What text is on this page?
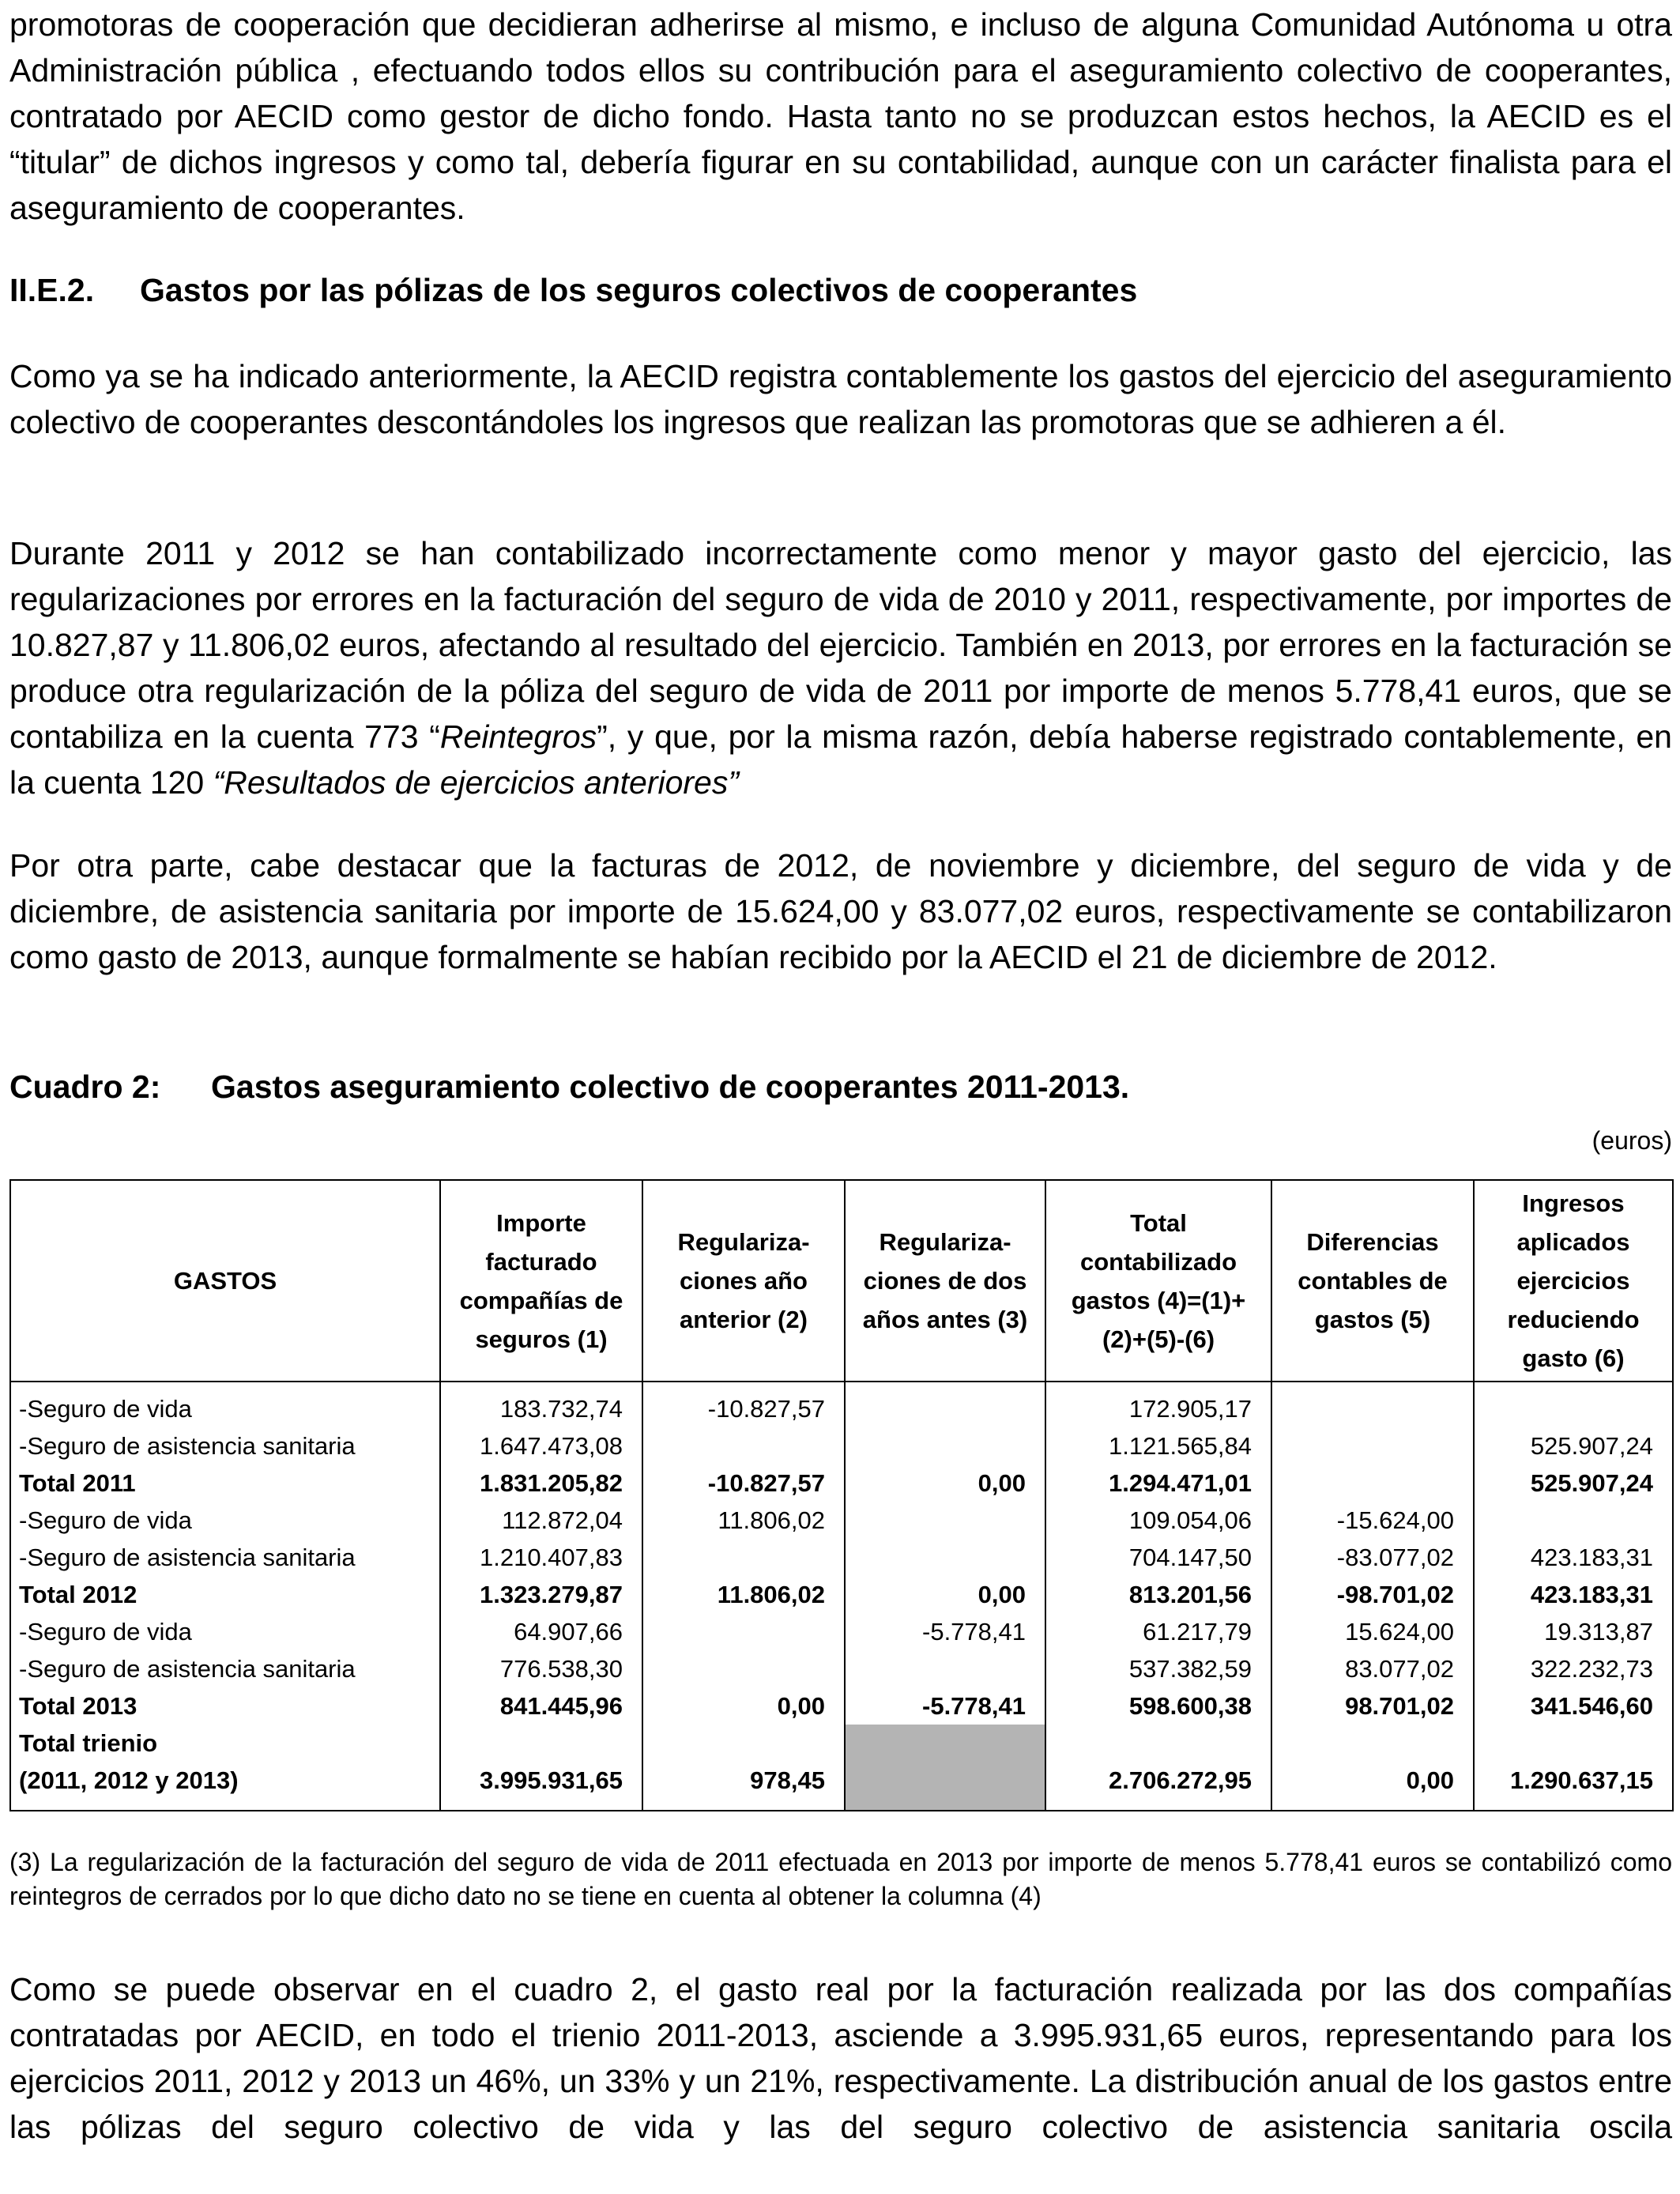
promotoras de cooperación que decidieran adherirse al mismo, e incluso de alguna Comunidad Autónoma u otra Administración pública , efectuando todos ellos su contribución para el aseguramiento colectivo de cooperantes, contratado por AECID como gestor de dicho fondo. Hasta tanto no se produzcan estos hechos, la AECID es el “titular” de dichos ingresos y como tal, debería figurar en su contabilidad, aunque con un carácter finalista para el aseguramiento de cooperantes.

II.E.2. Gastos por las pólizas de los seguros colectivos de cooperantes

Como ya se ha indicado anteriormente, la AECID registra contablemente los gastos del ejercicio del aseguramiento colectivo de cooperantes descontándoles los ingresos que realizan las promotoras que se adhieren a él.

Durante 2011 y 2012 se han contabilizado incorrectamente como menor y mayor gasto del ejercicio, las regularizaciones por errores en la facturación del seguro de vida de 2010 y 2011, respectivamente, por importes de 10.827,87 y 11.806,02 euros, afectando al resultado del ejercicio. También en 2013, por errores en la facturación se produce otra regularización de la póliza del seguro de vida de 2011 por importe de menos 5.778,41 euros, que se contabiliza en la cuenta 773 “Reintegros”, y que, por la misma razón, debía haberse registrado contablemente, en la cuenta 120 “Resultados de ejercicios anteriores”

Por otra parte, cabe destacar que la facturas de 2012, de noviembre y diciembre, del seguro de vida y de diciembre, de asistencia sanitaria por importe de 15.624,00 y 83.077,02 euros, respectivamente se contabilizaron como gasto de 2013, aunque formalmente se habían recibido por la AECID el 21 de diciembre de 2012.

Cuadro 2: Gastos aseguramiento colectivo de cooperantes 2011-2013.
(euros)
GASTOS	Importe facturado compañías de seguros (1)	Regulariza-ciones año anterior (2)	Regulariza-ciones de dos años antes (3)	Total contabilizado gastos (4)=(1)+(2)+(5)-(6)	Diferencias contables de gastos (5)	Ingresos aplicados ejercicios reduciendo gasto (6)
-Seguro de vida	183.732,74	-10.827,57		172.905,17		
-Seguro de asistencia sanitaria	1.647.473,08			1.121.565,84		525.907,24
Total 2011	1.831.205,82	-10.827,57	0,00	1.294.471,01		525.907,24
-Seguro de vida	112.872,04	11.806,02		109.054,06	-15.624,00	
-Seguro de asistencia sanitaria	1.210.407,83			704.147,50	-83.077,02	423.183,31
Total 2012	1.323.279,87	11.806,02	0,00	813.201,56	-98.701,02	423.183,31
-Seguro de vida	64.907,66		-5.778,41	61.217,79	15.624,00	19.313,87
-Seguro de asistencia sanitaria	776.538,30			537.382,59	83.077,02	322.232,73
Total 2013	841.445,96	0,00	-5.778,41	598.600,38	98.701,02	341.546,60
Total trienio						
(2011, 2012 y 2013)	3.995.931,65	978,45		2.706.272,95	0,00	1.290.637,15
(3) La regularización de la facturación del seguro de vida de 2011 efectuada en 2013 por importe de menos 5.778,41 euros se contabilizó como reintegros de cerrados por lo que dicho dato no se tiene en cuenta al obtener la columna (4)

Como se puede observar en el cuadro 2, el gasto real por la facturación realizada por las dos compañías contratadas por AECID, en todo el trienio 2011-2013, asciende a 3.995.931,65 euros, representando para los ejercicios 2011, 2012 y 2013 un 46%, un 33% y un 21%, respectivamente. La distribución anual de los gastos entre las pólizas del seguro colectivo de vida y las del seguro colectivo de asistencia sanitaria oscila
